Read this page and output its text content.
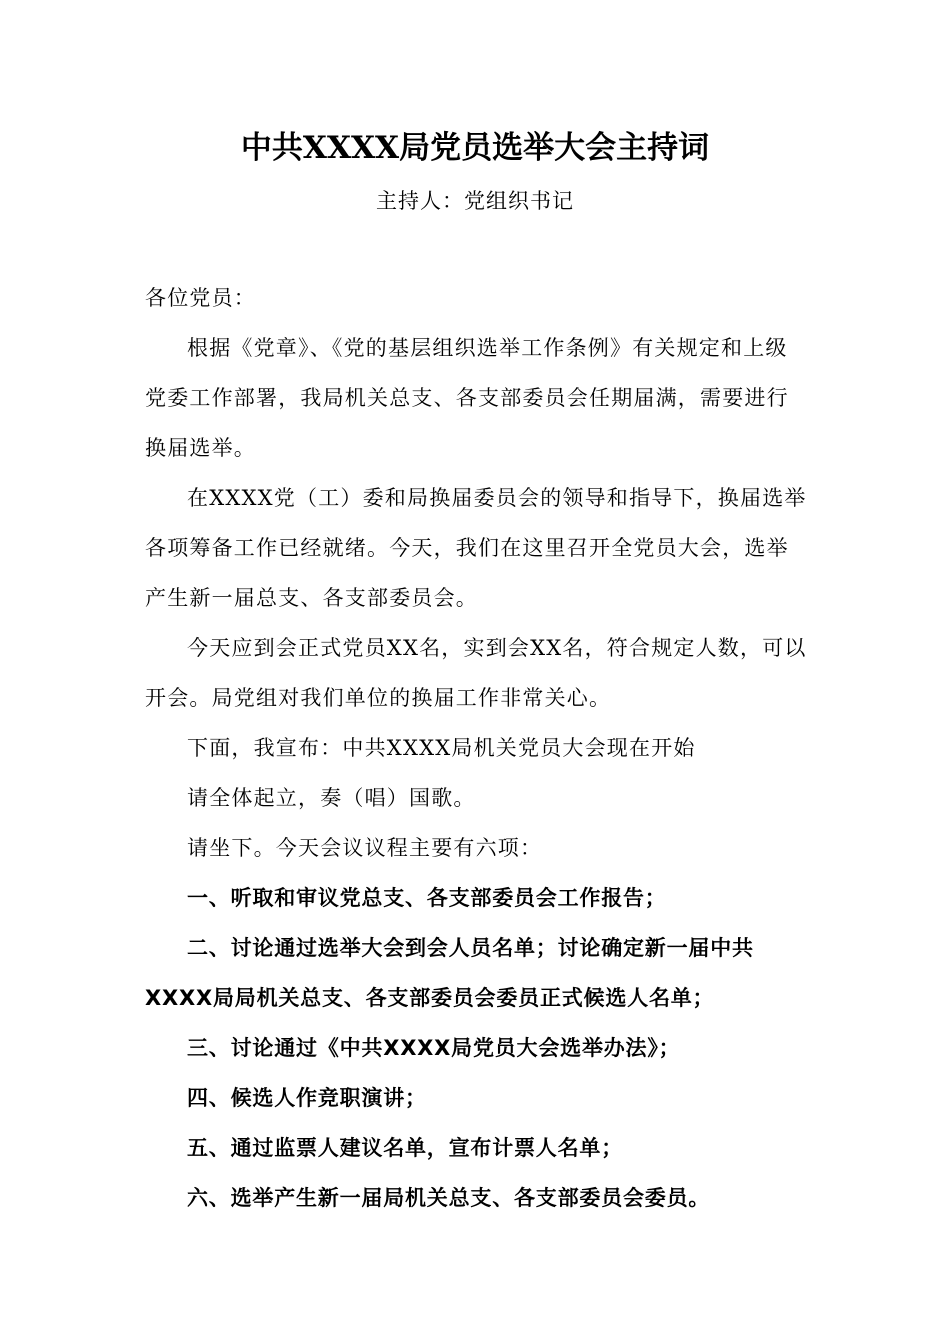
中共XXXX局党员选举大会主持词
主持人：党组织书记

各位党员：

根据《党章》、《党的基层组织选举工作条例》有关规定和上级党委工作部署，我局机关总支、各支部委员会任期届满，需要进行换届选举。

在XXXX党（工）委和局换届委员会的领导和指导下，换届选举各项筹备工作已经就绪。今天，我们在这里召开全党员大会，选举产生新一届总支、各支部委员会。

今天应到会正式党员XX名，实到会XX名，符合规定人数，可以开会。局党组对我们单位的换届工作非常关心。

下面，我宣布：中共XXXX局机关党员大会现在开始

请全体起立，奏（唱）国歌。

请坐下。今天会议议程主要有六项：

一、听取和审议党总支、各支部委员会工作报告；

二、讨论通过选举大会到会人员名单；讨论确定新一届中共XXXX局局机关总支、各支部委员会委员正式候选人名单；

三、讨论通过《中共XXXX局党员大会选举办法》；

四、候选人作竞职演讲；

五、通过监票人建议名单，宣布计票人名单；

六、选举产生新一届局机关总支、各支部委员会委员。
